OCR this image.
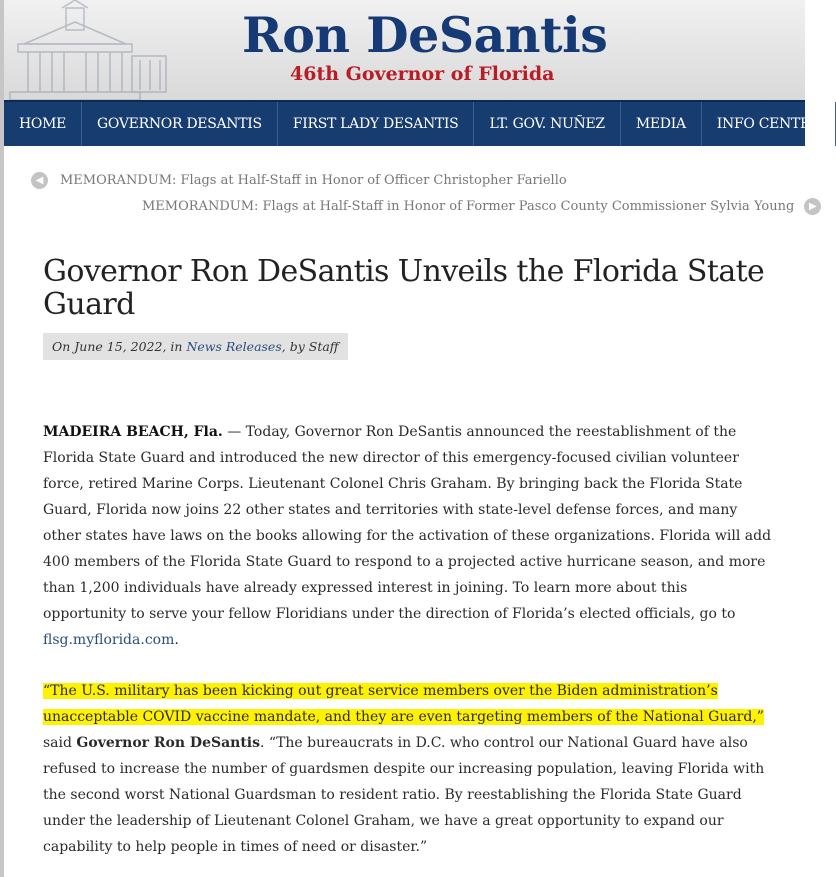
Ron DeSantis
46th Governor of Florida
HOME	GOVERNOR DESANTIS	FIRST LADY DESANTIS	LT. GOV. NUÑEZ	MEDIA	INFO CENTER
◀	MEMORANDUM: Flags at Half-Staff in Honor of Officer Christopher Fariello
MEMORANDUM: Flags at Half-Staff in Honor of Former Pasco County Commissioner Sylvia Young	▶
Governor Ron DeSantis Unveils the Florida State Guard
On June 15, 2022, in News Releases, by Staff

MADEIRA BEACH, Fla. — Today, Governor Ron DeSantis announced the reestablishment of the Florida State Guard and introduced the new director of this emergency-focused civilian volunteer force, retired Marine Corps. Lieutenant Colonel Chris Graham. By bringing back the Florida State Guard, Florida now joins 22 other states and territories with state-level defense forces, and many other states have laws on the books allowing for the activation of these organizations. Florida will add 400 members of the Florida State Guard to respond to a projected active hurricane season, and more than 1,200 individuals have already expressed interest in joining. To learn more about this opportunity to serve your fellow Floridians under the direction of Florida’s elected officials, go to flsg.myflorida.com.

“The U.S. military has been kicking out great service members over the Biden administration’s unacceptable COVID vaccine mandate, and they are even targeting members of the National Guard,” said Governor Ron DeSantis. “The bureaucrats in D.C. who control our National Guard have also refused to increase the number of guardsmen despite our increasing population, leaving Florida with the second worst National Guardsman to resident ratio. By reestablishing the Florida State Guard under the leadership of Lieutenant Colonel Graham, we have a great opportunity to expand our capability to help people in times of need or disaster.”
